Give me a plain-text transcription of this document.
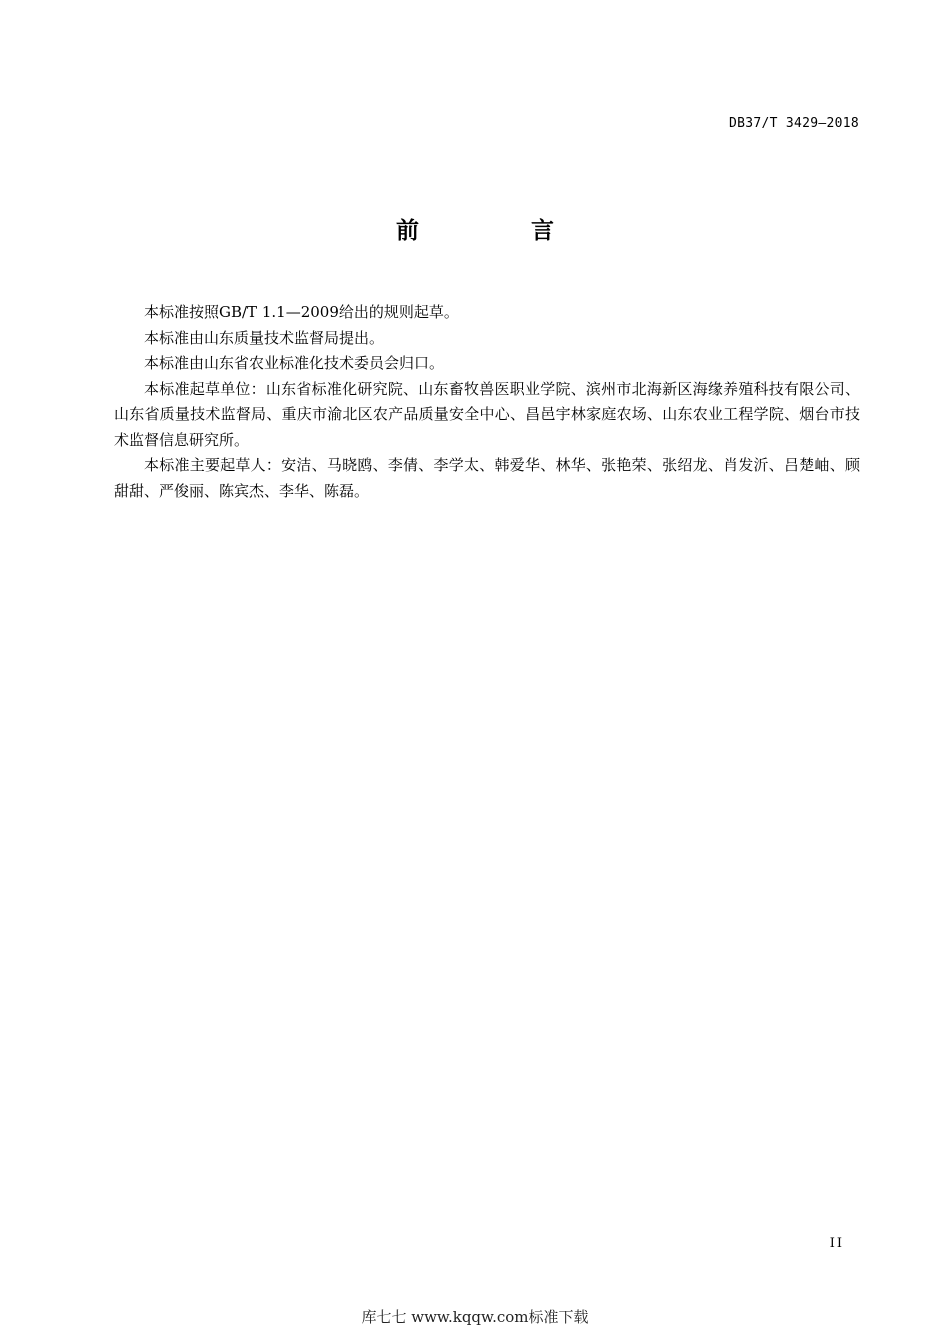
DB37/T 3429—2018
前 言

本标准按照GB/T 1.1—2009给出的规则起草。

本标准由山东质量技术监督局提出。

本标准由山东省农业标准化技术委员会归口。

本标准起草单位：山东省标准化研究院、山东畜牧兽医职业学院、滨州市北海新区海缘养殖科技有限公司、山东省质量技术监督局、重庆市渝北区农产品质量安全中心、昌邑宇林家庭农场、山东农业工程学院、烟台市技术监督信息研究所。

本标准主要起草人：安洁、马晓鸥、李倩、李学太、韩爱华、林华、张艳荣、张绍龙、肖发沂、吕楚岫、顾甜甜、严俊丽、陈宾杰、李华、陈磊。

II
库七七 www.kqqw.com标准下载
